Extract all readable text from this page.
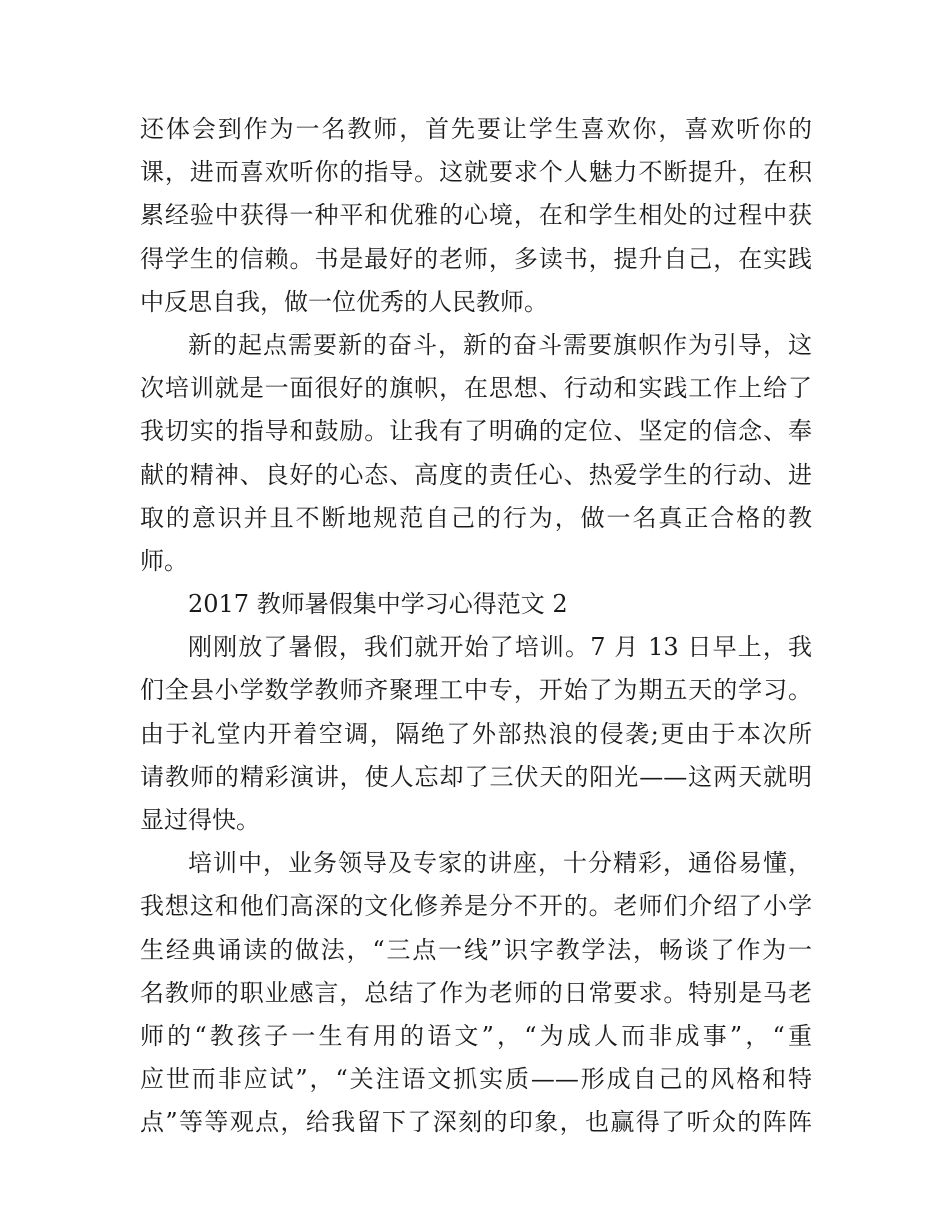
还体会到作为一名教师，首先要让学生喜欢你，喜欢听你的
课，进而喜欢听你的指导。这就要求个人魅力不断提升，在积
累经验中获得一种平和优雅的心境，在和学生相处的过程中获
得学生的信赖。书是最好的老师，多读书，提升自己，在实践
中反思自我，做一位优秀的人民教师。
新的起点需要新的奋斗，新的奋斗需要旗帜作为引导，这
次培训就是一面很好的旗帜，在思想、行动和实践工作上给了
我切实的指导和鼓励。让我有了明确的定位、坚定的信念、奉
献的精神、良好的心态、高度的责任心、热爱学生的行动、进
取的意识并且不断地规范自己的行为，做一名真正合格的教
师。
2017 教师暑假集中学习心得范文 2
刚刚放了暑假，我们就开始了培训。7 月 13 日早上，我
们全县小学数学教师齐聚理工中专，开始了为期五天的学习。
由于礼堂内开着空调，隔绝了外部热浪的侵袭;更由于本次所
请教师的精彩演讲，使人忘却了三伏天的阳光——这两天就明
显过得快。
培训中，业务领导及专家的讲座，十分精彩，通俗易懂，
我想这和他们高深的文化修养是分不开的。老师们介绍了小学
生经典诵读的做法，“三点一线”识字教学法，畅谈了作为一
名教师的职业感言，总结了作为老师的日常要求。特别是马老
师的“教孩子一生有用的语文”，“为成人而非成事”，“重
应世而非应试”，“关注语文抓实质——形成自己的风格和特
点”等等观点，给我留下了深刻的印象，也赢得了听众的阵阵
